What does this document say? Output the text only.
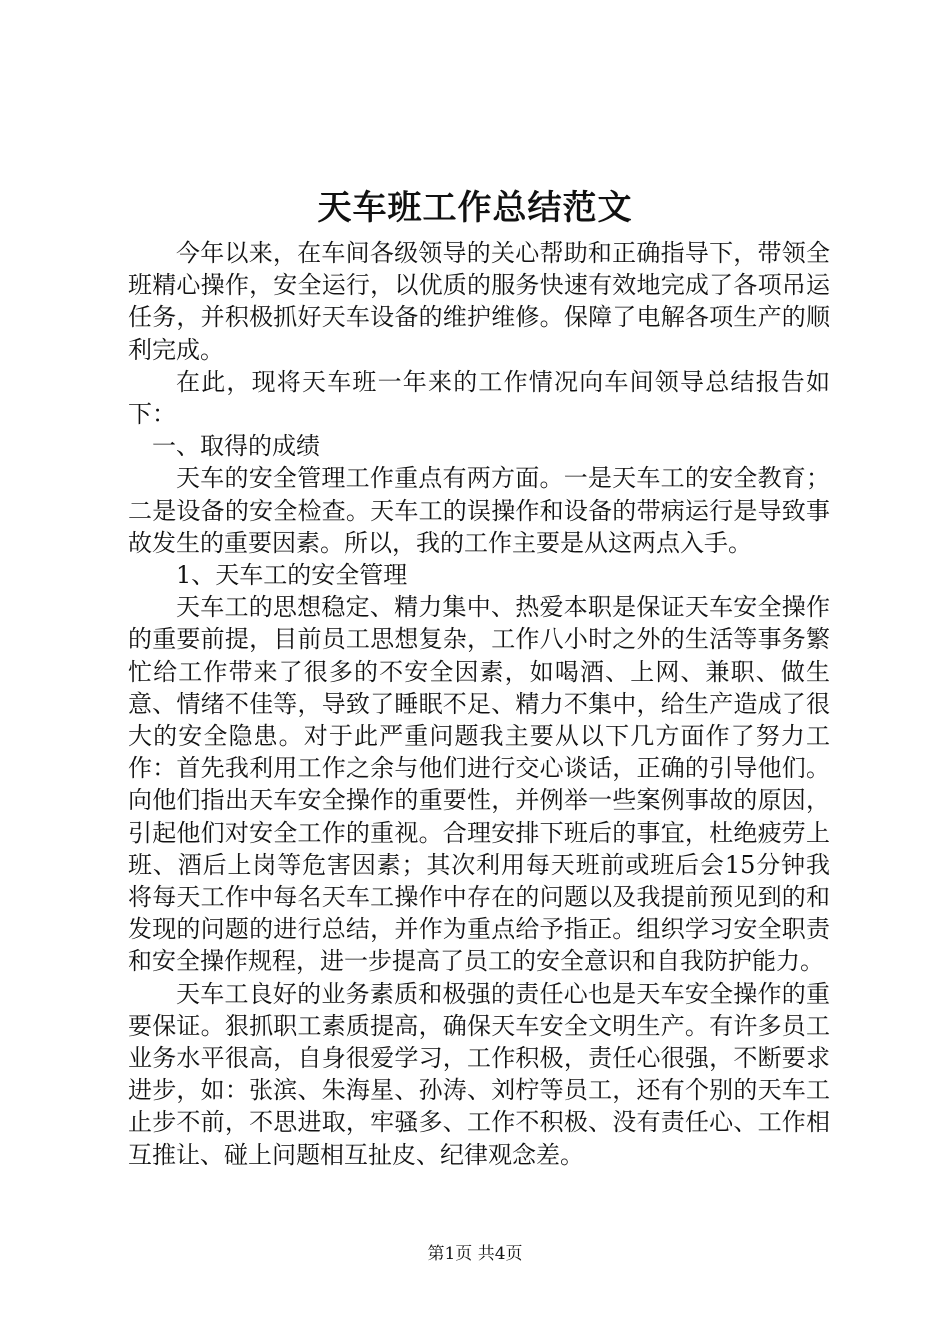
天车班工作总结范文

今年以来，在车间各级领导的关心帮助和正确指导下，带领全班精心操作，安全运行，以优质的服务快速有效地完成了各项吊运任务，并积极抓好天车设备的维护维修。保障了电解各项生产的顺利完成。

在此，现将天车班一年来的工作情况向车间领导总结报告如下：

一、取得的成绩

天车的安全管理工作重点有两方面。一是天车工的安全教育；二是设备的安全检查。天车工的误操作和设备的带病运行是导致事故发生的重要因素。所以，我的工作主要是从这两点入手。

1、天车工的安全管理

天车工的思想稳定、精力集中、热爱本职是保证天车安全操作的重要前提，目前员工思想复杂，工作八小时之外的生活等事务繁忙给工作带来了很多的不安全因素，如喝酒、上网、兼职、做生意、情绪不佳等，导致了睡眠不足、精力不集中，给生产造成了很大的安全隐患。对于此严重问题我主要从以下几方面作了努力工作：首先我利用工作之余与他们进行交心谈话，正确的引导他们。向他们指出天车安全操作的重要性，并例举一些案例事故的原因，引起他们对安全工作的重视。合理安排下班后的事宜，杜绝疲劳上班、酒后上岗等危害因素；其次利用每天班前或班后会15分钟我将每天工作中每名天车工操作中存在的问题以及我提前预见到的和发现的问题的进行总结，并作为重点给予指正。组织学习安全职责和安全操作规程，进一步提高了员工的安全意识和自我防护能力。

天车工良好的业务素质和极强的责任心也是天车安全操作的重要保证。狠抓职工素质提高，确保天车安全文明生产。有许多员工业务水平很高，自身很爱学习，工作积极，责任心很强，不断要求进步，如：张滨、朱海星、孙涛、刘柠等员工，还有个别的天车工止步不前，不思进取，牢骚多、工作不积极、没有责任心、工作相互推让、碰上问题相互扯皮、纪律观念差。

第1页 共4页
